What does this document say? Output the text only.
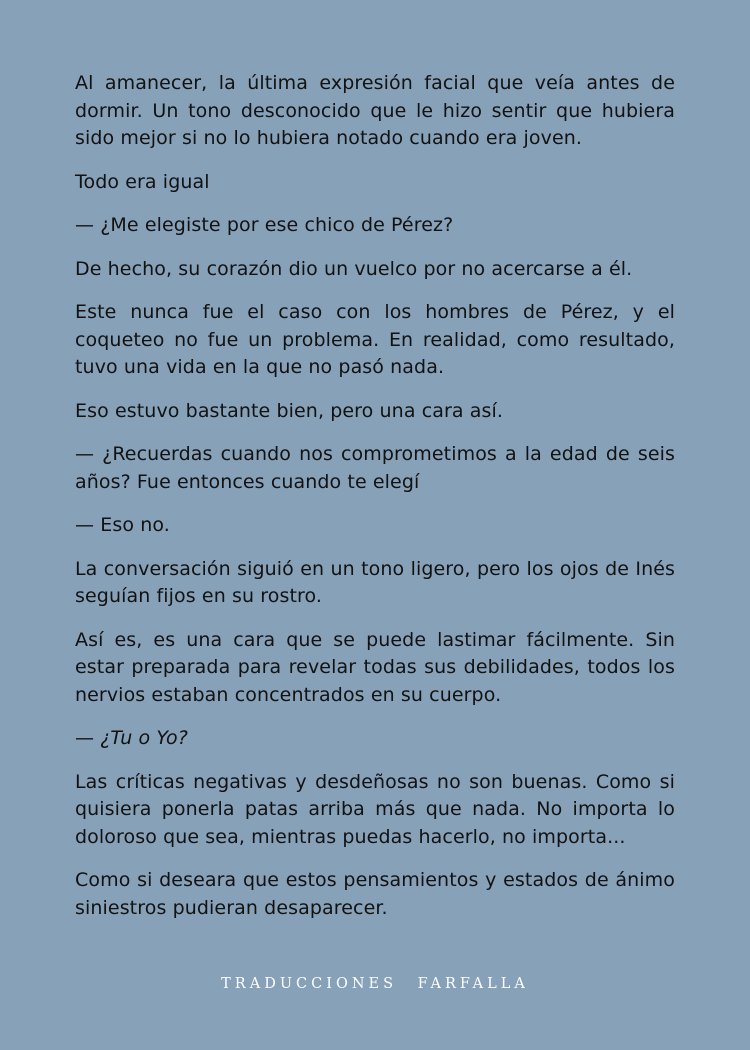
Al amanecer, la última expresión facial que veía antes de dormir. Un tono desconocido que le hizo sentir que hubiera sido mejor si no lo hubiera notado cuando era joven.

Todo era igual

— ¿Me elegiste por ese chico de Pérez?

De hecho, su corazón dio un vuelco por no acercarse a él.

Este nunca fue el caso con los hombres de Pérez, y el coqueteo no fue un problema. En realidad, como resultado, tuvo una vida en la que no pasó nada.

Eso estuvo bastante bien, pero una cara así.

— ¿Recuerdas cuando nos comprometimos a la edad de seis años? Fue entonces cuando te elegí

— Eso no.

La conversación siguió en un tono ligero, pero los ojos de Inés seguían fijos en su rostro.

Así es, es una cara que se puede lastimar fácilmente. Sin estar preparada para revelar todas sus debilidades, todos los nervios estaban concentrados en su cuerpo.

— ¿Tu o Yo?

Las críticas negativas y desdeñosas no son buenas. Como si quisiera ponerla patas arriba más que nada. No importa lo doloroso que sea, mientras puedas hacerlo, no importa...

Como si deseara que estos pensamientos y estados de ánimo siniestros pudieran desaparecer.

TRADUCCIONES FARFALLA
